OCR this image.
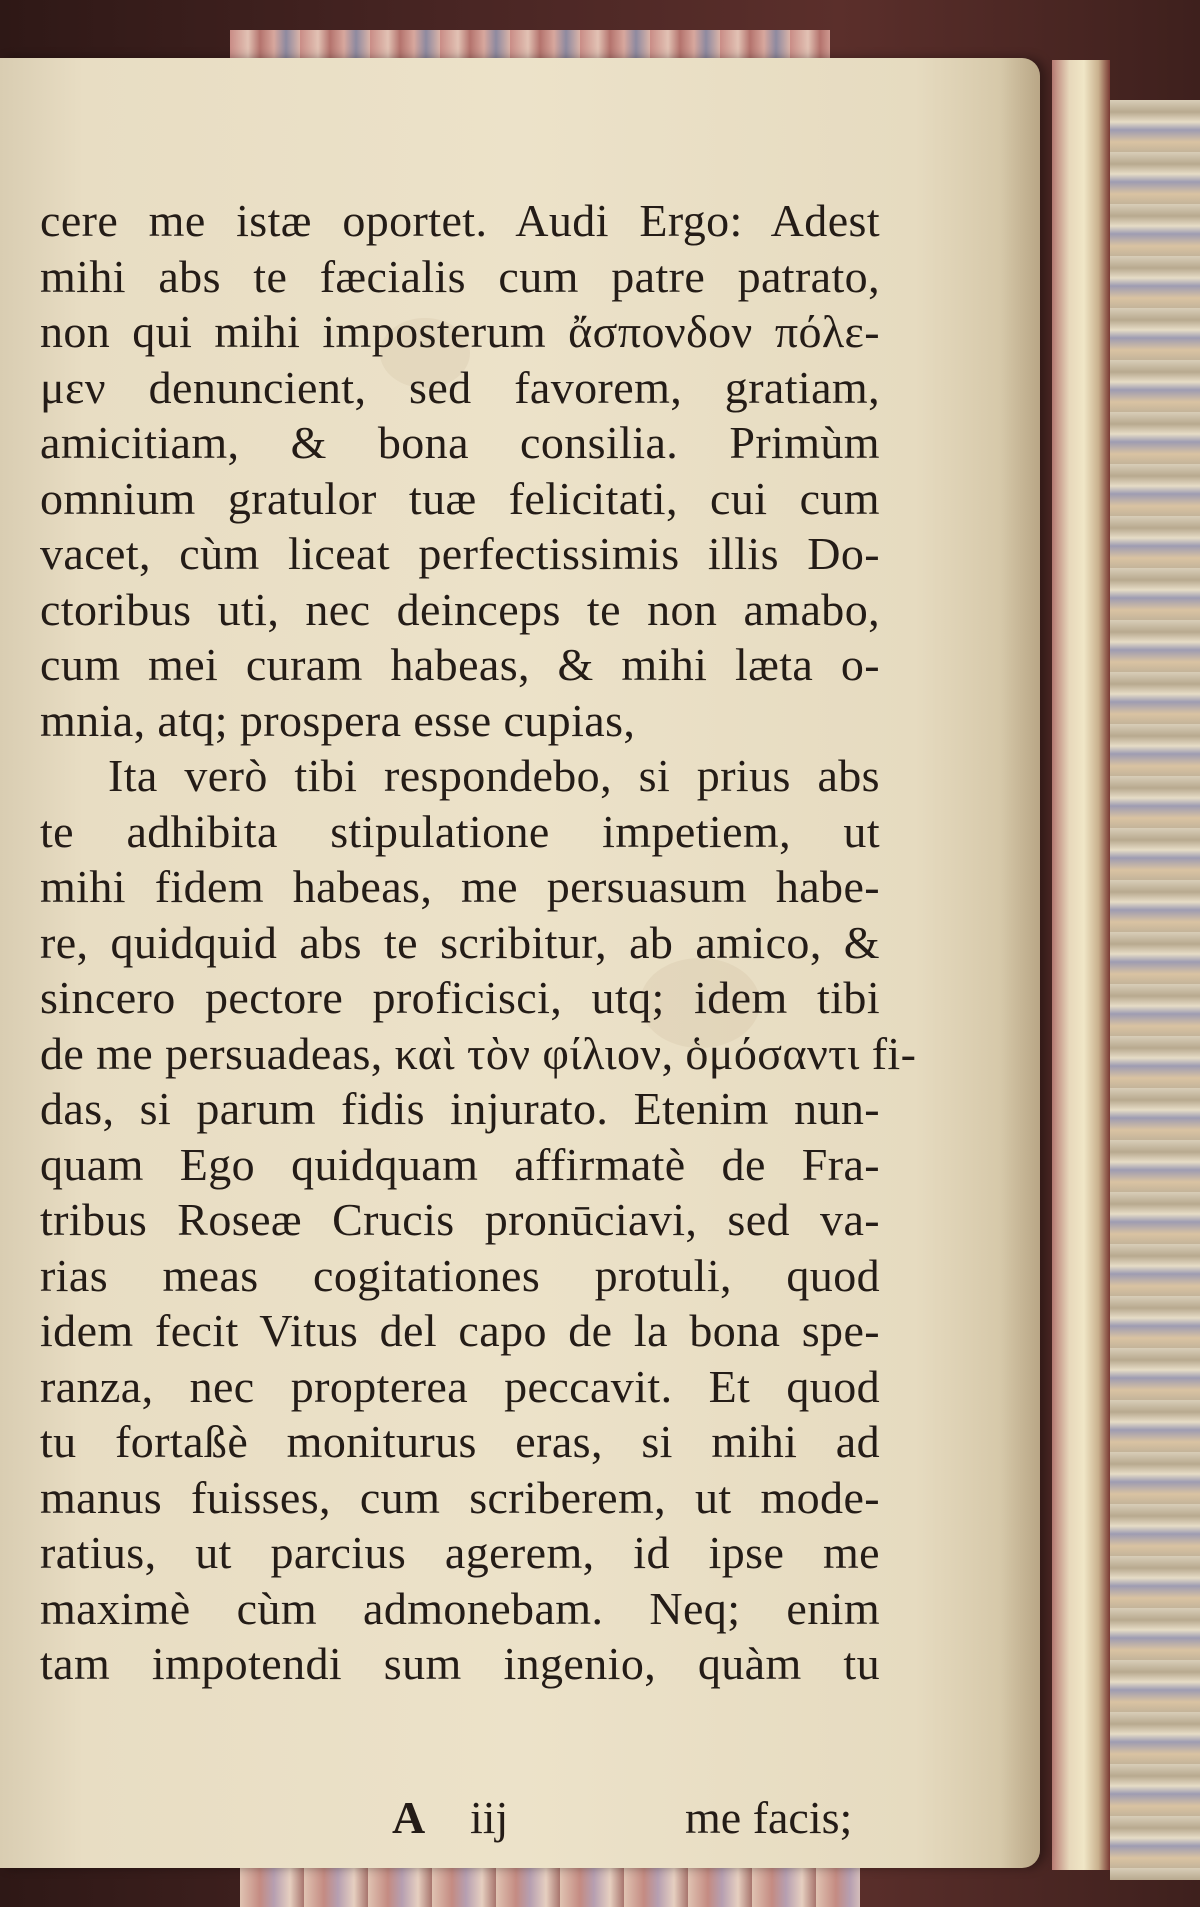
cere me istæ oportet. Audi Ergo: Adest
mihi abs te fæcialis cum patre patrato,
non qui mihi imposterum ἄσπονδον πόλε-
μεν denuncient, sed favorem, gratiam,
amicitiam, & bona consilia. Primùm
omnium gratulor tuæ felicitati, cui cum
vacet, cùm liceat perfectissimis illis Do-
ctoribus uti, nec deinceps te non amabo,
cum mei curam habeas, & mihi læta o-
mnia, atq; prospera esse cupias,
Ita verò tibi respondebo, si prius abs
te adhibita stipulatione impetiem, ut
mihi fidem habeas, me persuasum habe-
re, quidquid abs te scribitur, ab amico, &
sincero pectore proficisci, utq; idem tibi
de me persuadeas, καὶ τὸν φίλιον, ὁμόσαντι fi-
das, si parum fidis injurato. Etenim nun-
quam Ego quidquam affirmatè de Fra-
tribus Roseæ Crucis pronūciavi, sed va-
rias meas cogitationes protuli, quod
idem fecit Vitus del capo de la bona spe-
ranza, nec propterea peccavit. Et quod
tu fortaßè moniturus eras, si mihi ad
manus fuisses, cum scriberem, ut mode-
ratius, ut parcius agerem, id ipse me
maximè cùm admonebam. Neq; enim
tam impotendi sum ingenio, quàm tu
A iij	me facis;
